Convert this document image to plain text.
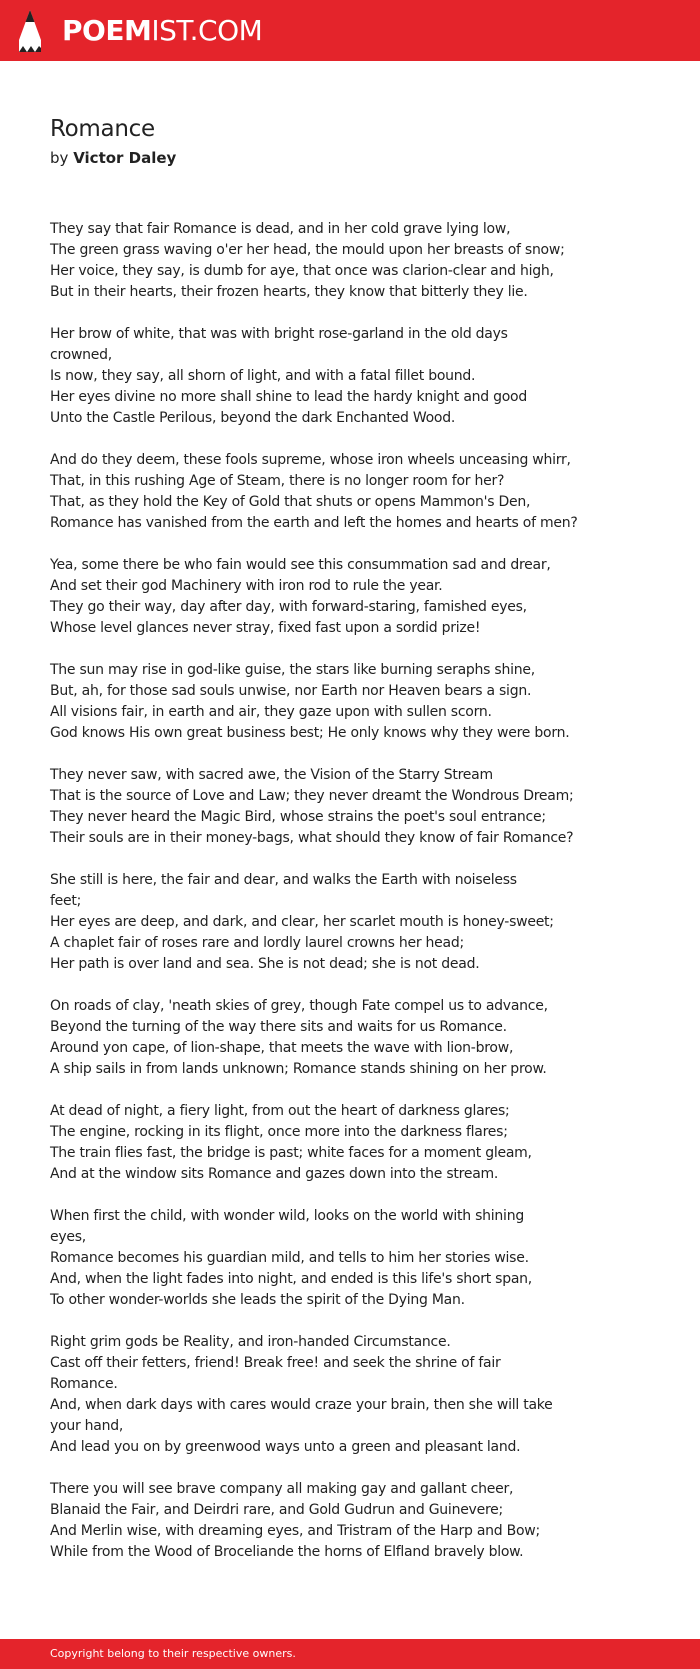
POEMIST.COM
Romance
by Victor Daley
They say that fair Romance is dead, and in her cold grave lying low,
The green grass waving o'er her head, the mould upon her breasts of snow;
Her voice, they say, is dumb for aye, that once was clarion-clear and high,
But in their hearts, their frozen hearts, they know that bitterly they lie.
Her brow of white, that was with bright rose-garland in the old days
crowned,
Is now, they say, all shorn of light, and with a fatal fillet bound.
Her eyes divine no more shall shine to lead the hardy knight and good
Unto the Castle Perilous, beyond the dark Enchanted Wood.
And do they deem, these fools supreme, whose iron wheels unceasing whirr,
That, in this rushing Age of Steam, there is no longer room for her?
That, as they hold the Key of Gold that shuts or opens Mammon's Den,
Romance has vanished from the earth and left the homes and hearts of men?
Yea, some there be who fain would see this consummation sad and drear,
And set their god Machinery with iron rod to rule the year.
They go their way, day after day, with forward-staring, famished eyes,
Whose level glances never stray, fixed fast upon a sordid prize!
The sun may rise in god-like guise, the stars like burning seraphs shine,
But, ah, for those sad souls unwise, nor Earth nor Heaven bears a sign.
All visions fair, in earth and air, they gaze upon with sullen scorn.
God knows His own great business best; He only knows why they were born.
They never saw, with sacred awe, the Vision of the Starry Stream
That is the source of Love and Law; they never dreamt the Wondrous Dream;
They never heard the Magic Bird, whose strains the poet's soul entrance;
Their souls are in their money-bags, what should they know of fair Romance?
She still is here, the fair and dear, and walks the Earth with noiseless
feet;
Her eyes are deep, and dark, and clear, her scarlet mouth is honey-sweet;
A chaplet fair of roses rare and lordly laurel crowns her head;
Her path is over land and sea. She is not dead; she is not dead.
On roads of clay, 'neath skies of grey, though Fate compel us to advance,
Beyond the turning of the way there sits and waits for us Romance.
Around yon cape, of lion-shape, that meets the wave with lion-brow,
A ship sails in from lands unknown; Romance stands shining on her prow.
At dead of night, a fiery light, from out the heart of darkness glares;
The engine, rocking in its flight, once more into the darkness flares;
The train flies fast, the bridge is past; white faces for a moment gleam,
And at the window sits Romance and gazes down into the stream.
When first the child, with wonder wild, looks on the world with shining
eyes,
Romance becomes his guardian mild, and tells to him her stories wise.
And, when the light fades into night, and ended is this life's short span,
To other wonder-worlds she leads the spirit of the Dying Man.
Right grim gods be Reality, and iron-handed Circumstance.
Cast off their fetters, friend! Break free! and seek the shrine of fair
Romance.
And, when dark days with cares would craze your brain, then she will take
your hand,
And lead you on by greenwood ways unto a green and pleasant land.
There you will see brave company all making gay and gallant cheer,
Blanaid the Fair, and Deirdri rare, and Gold Gudrun and Guinevere;
And Merlin wise, with dreaming eyes, and Tristram of the Harp and Bow;
While from the Wood of Broceliande the horns of Elfland bravely blow.
Copyright belong to their respective owners.
